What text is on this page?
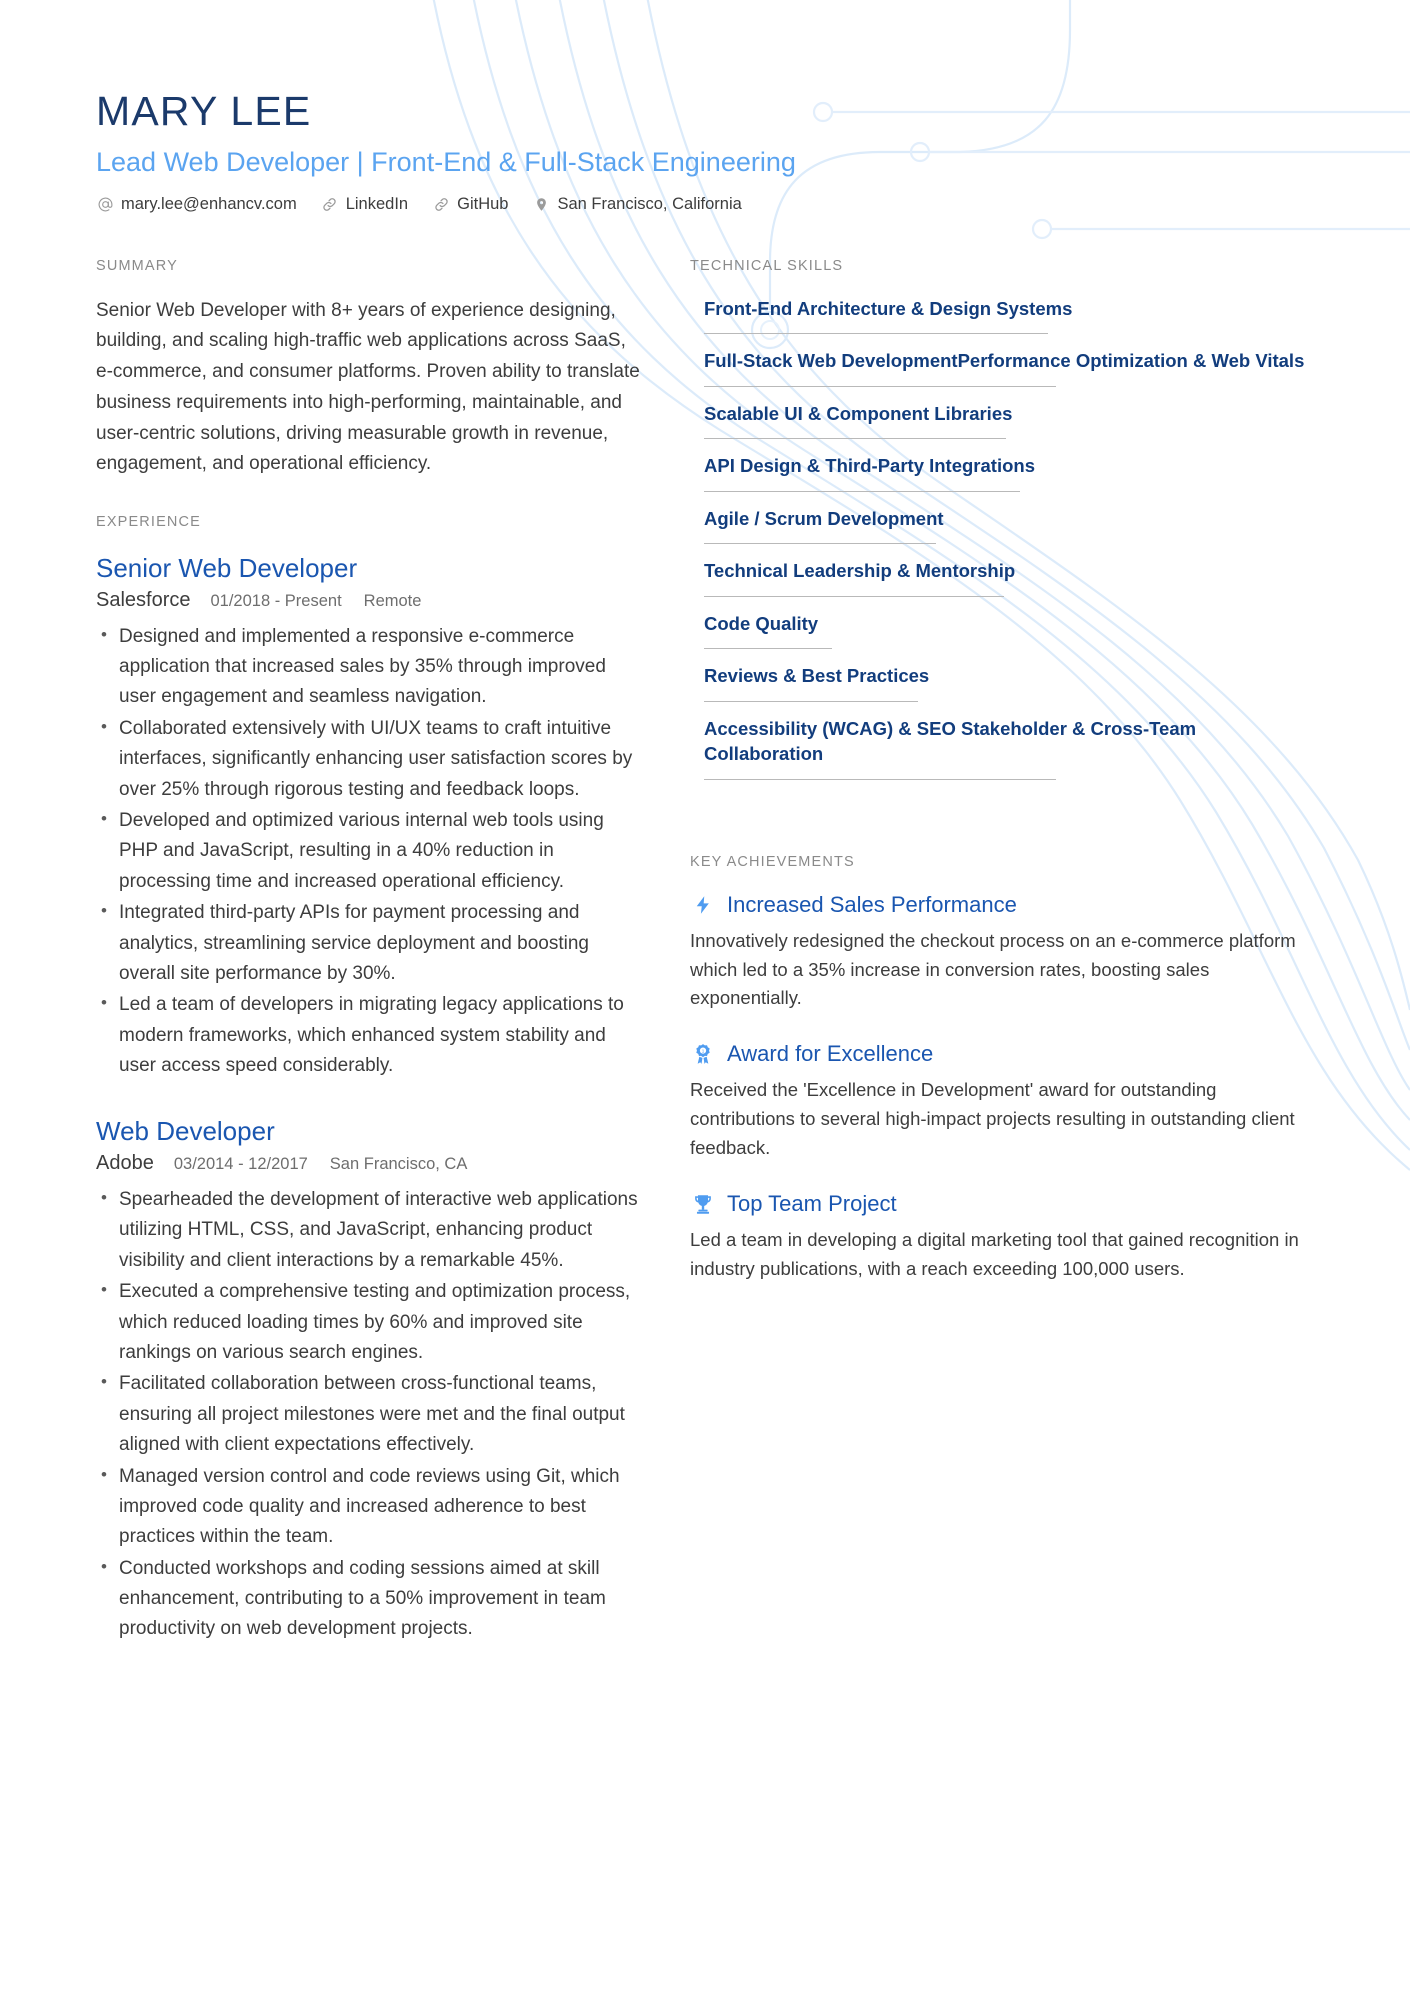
MARY LEE
Lead Web Developer | Front-End & Full-Stack Engineering
mary.lee@enhancv.com	LinkedIn	GitHub	San Francisco, California
SUMMARY

Senior Web Developer with 8+ years of experience designing, building, and scaling high-traffic web applications across SaaS, e-commerce, and consumer platforms. Proven ability to translate business requirements into high-performing, maintainable, and user-centric solutions, driving measurable growth in revenue, engagement, and operational efficiency.

EXPERIENCE
Senior Web Developer
Salesforce 01/2018 - Present Remote
• Designed and implemented a responsive e-commerce application that increased sales by 35% through improved user engagement and seamless navigation.
• Collaborated extensively with UI/UX teams to craft intuitive interfaces, significantly enhancing user satisfaction scores by over 25% through rigorous testing and feedback loops.
• Developed and optimized various internal web tools using PHP and JavaScript, resulting in a 40% reduction in processing time and increased operational efficiency.
• Integrated third-party APIs for payment processing and analytics, streamlining service deployment and boosting overall site performance by 30%.
• Led a team of developers in migrating legacy applications to modern frameworks, which enhanced system stability and user access speed considerably.
Web Developer
Adobe 03/2014 - 12/2017 San Francisco, CA
• Spearheaded the development of interactive web applications utilizing HTML, CSS, and JavaScript, enhancing product visibility and client interactions by a remarkable 45%.
• Executed a comprehensive testing and optimization process, which reduced loading times by 60% and improved site rankings on various search engines.
• Facilitated collaboration between cross-functional teams, ensuring all project milestones were met and the final output aligned with client expectations effectively.
• Managed version control and code reviews using Git, which improved code quality and increased adherence to best practices within the team.
• Conducted workshops and coding sessions aimed at skill enhancement, contributing to a 50% improvement in team productivity on web development projects.
TECHNICAL SKILLS
Front-End Architecture & Design Systems
Full-Stack Web DevelopmentPerformance Optimization & Web Vitals
Scalable UI & Component Libraries
API Design & Third-Party Integrations
Agile / Scrum Development
Technical Leadership & Mentorship
Code Quality
Reviews & Best Practices
Accessibility (WCAG) & SEO Stakeholder & Cross-Team Collaboration
KEY ACHIEVEMENTS
Increased Sales Performance

Innovatively redesigned the checkout process on an e-commerce platform which led to a 35% increase in conversion rates, boosting sales exponentially.

1 Award for Excellence

Received the 'Excellence in Development' award for outstanding contributions to several high-impact projects resulting in outstanding client feedback.

Top Team Project

Led a team in developing a digital marketing tool that gained recognition in industry publications, with a reach exceeding 100,000 users.
